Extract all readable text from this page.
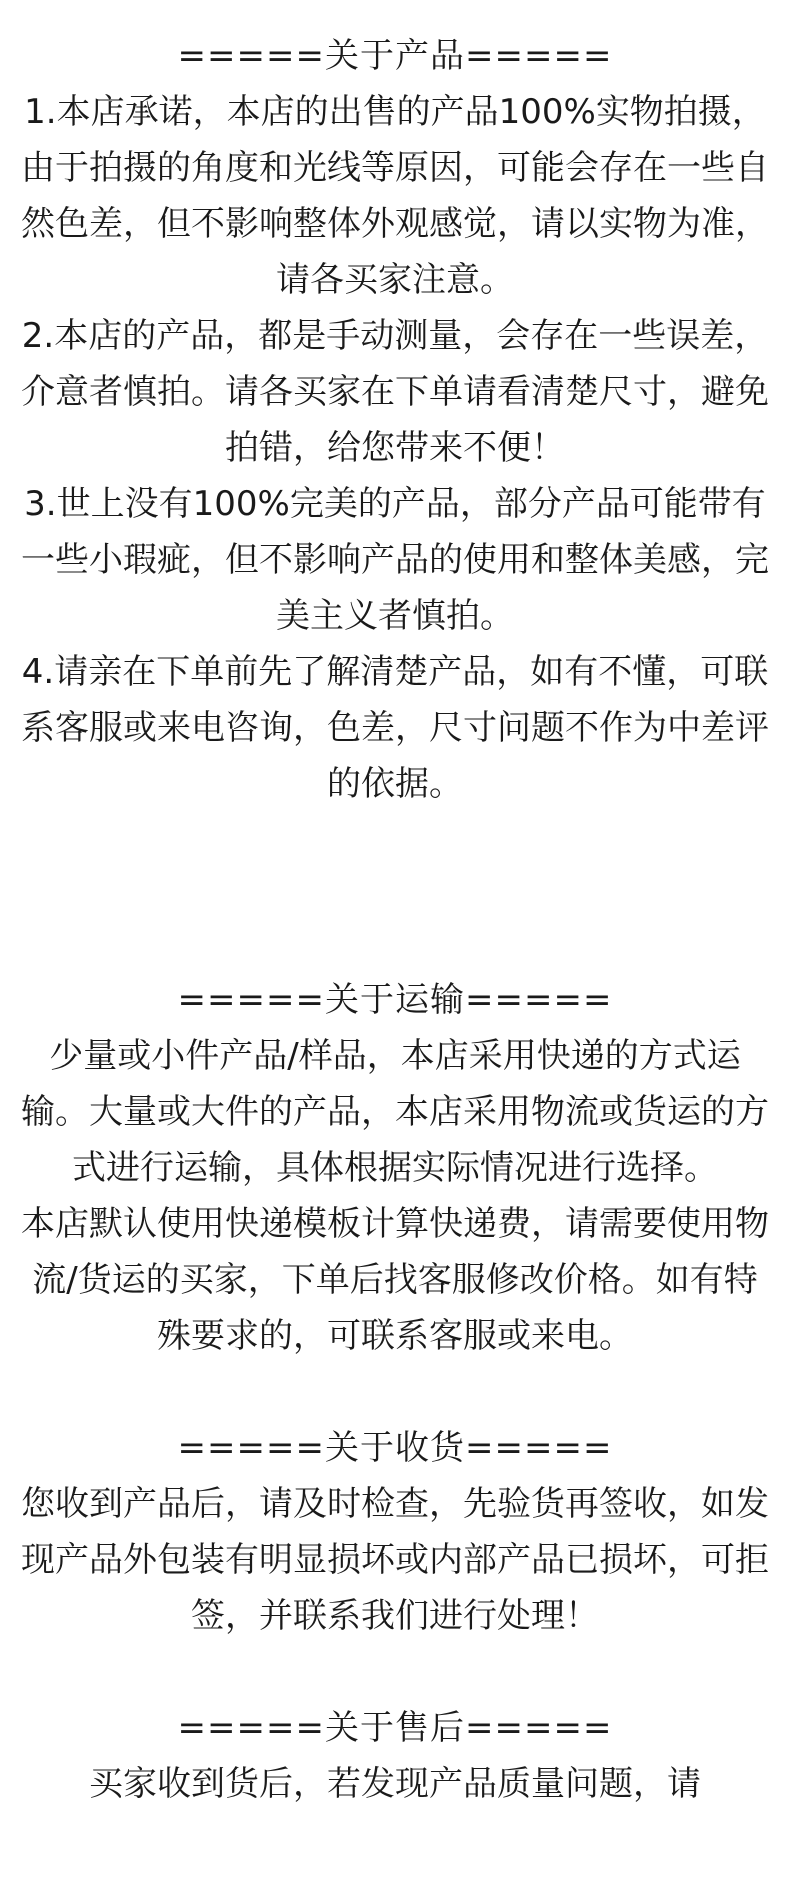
=====关于产品=====

1.本店承诺，本店的出售的产品100%实物拍摄，由于拍摄的角度和光线等原因，可能会存在一些自然色差，但不影响整体外观感觉，请以实物为准，请各买家注意。

2.本店的产品，都是手动测量，会存在一些误差，介意者慎拍。请各买家在下单请看清楚尺寸，避免拍错，给您带来不便！

3.世上没有100%完美的产品，部分产品可能带有一些小瑕疵，但不影响产品的使用和整体美感，完美主义者慎拍。

4.请亲在下单前先了解清楚产品，如有不懂，可联系客服或来电咨询，色差，尺寸问题不作为中差评的依据。

=====关于运输=====

少量或小件产品/样品，本店采用快递的方式运输。大量或大件的产品，本店采用物流或货运的方式进行运输，具体根据实际情况进行选择。

本店默认使用快递模板计算快递费，请需要使用物流/货运的买家，下单后找客服修改价格。如有特殊要求的，可联系客服或来电。

=====关于收货=====

您收到产品后，请及时检查，先验货再签收，如发现产品外包装有明显损坏或内部产品已损坏，可拒签，并联系我们进行处理！

=====关于售后=====

买家收到货后，若发现产品质量问题，请
